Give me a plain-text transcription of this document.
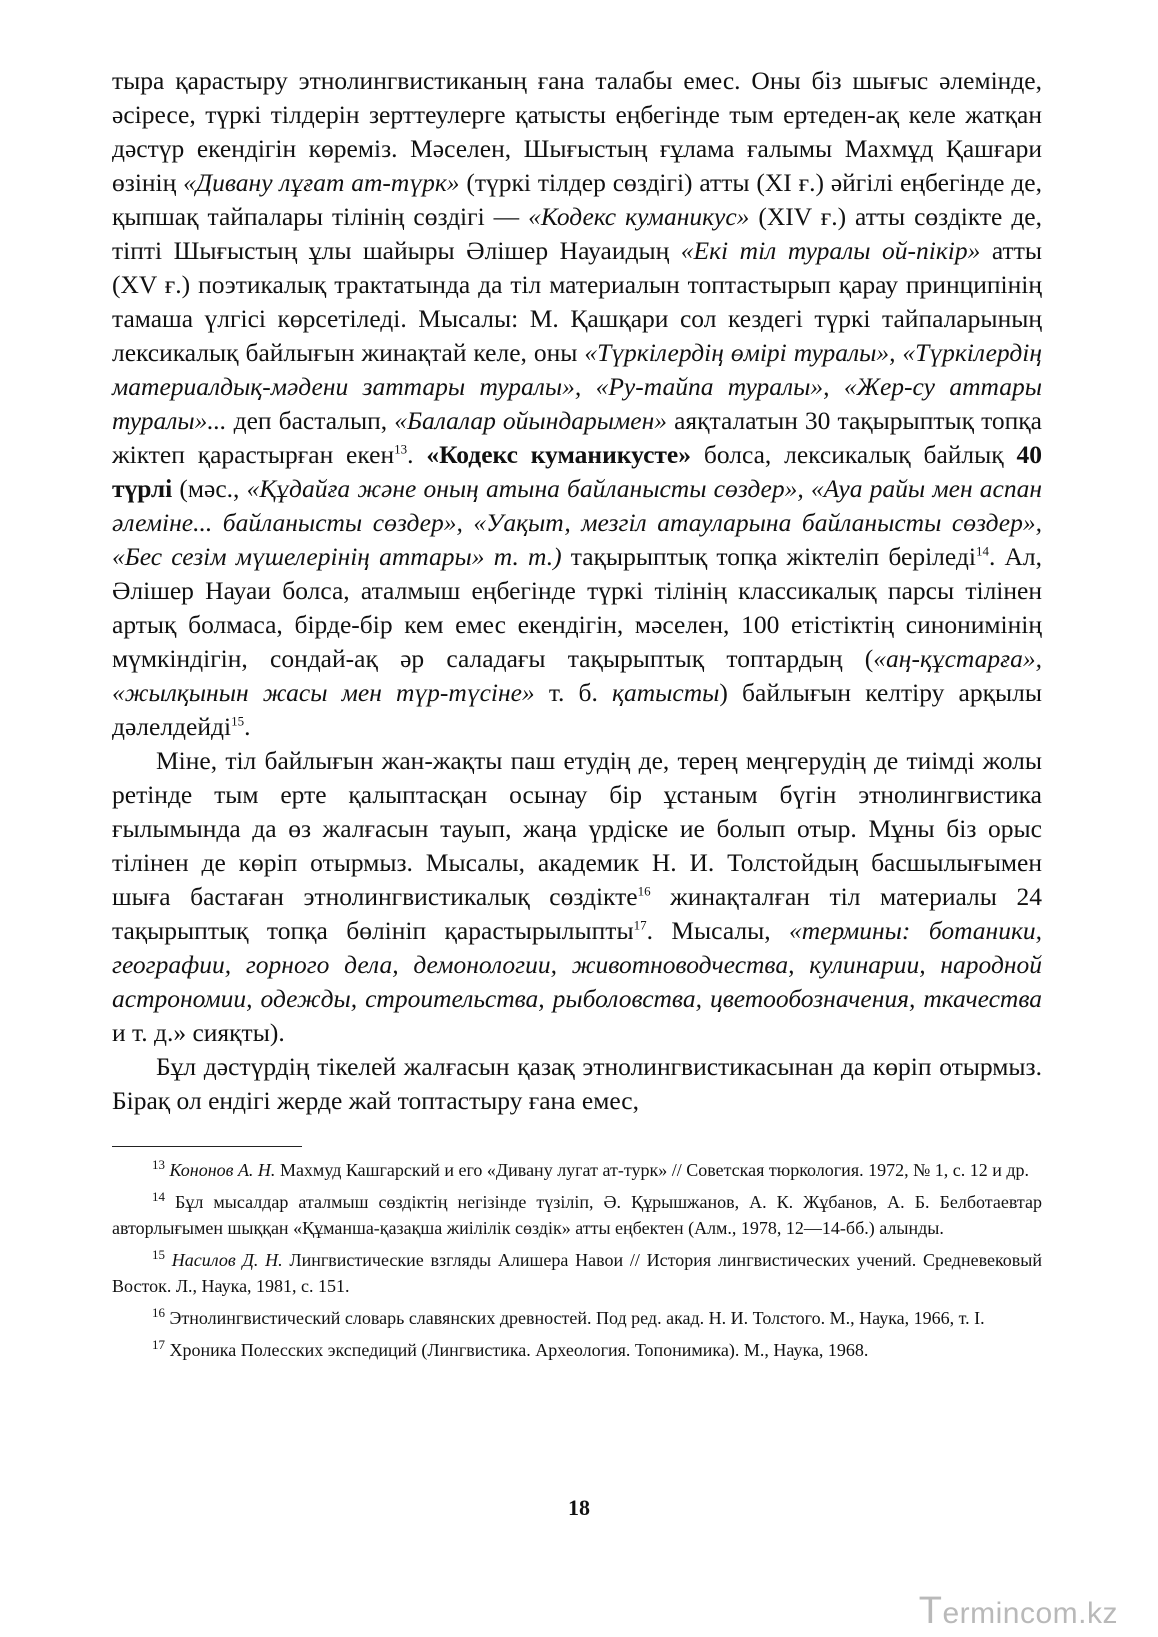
тыра қарастыру этнолингвистиканың ғана талабы емес. Оны біз шығыс әлемінде, әсіресе, түркі тілдерін зерттеулерге қатысты еңбегінде тым ертеден-ақ келе жатқан дәстүр екендігін көреміз. Мәселен, Шығыстың ғұлама ғалымы Махмұд Қашғари өзінің «Дивану лұғат ат-түрк» (түркі тілдер сөздігі) атты (XI ғ.) әйгілі еңбегінде де, қыпшақ тайпалары тілінің сөздігі — «Кодекс куманикус» (XIV ғ.) атты сөздікте де, тіпті Шығыстың ұлы шайыры Әлішер Науаидың «Екі тіл туралы ой-пікір» атты (XV ғ.) поэтикалық трактатында да тіл материалын топтастырып қарау принципінің тамаша үлгісі көрсетіледі. Мысалы: М. Қашқари сол кездегі түркі тайпаларының лексикалық байлығын жинақтай келе, оны «Түркілердің өмірі туралы», «Түркілердің материалдық-мәдени заттары туралы», «Ру-тайпа туралы», «Жер-су аттары туралы»... деп басталып, «Балалар ойындарымен» аяқталатын 30 тақырыптық топқа жіктеп қарастырған екен$^{13}$. «Кодекс куманикусте» болса, лексикалық байлық 40 түрлі (мәс., «Құдайға және оның атына байланысты сөздер», «Ауа райы мен аспан әлеміне... байланысты сөздер», «Уақыт, мезгіл атауларына байланысты сөздер», «Бес сезім мүшелерінің аттары» т. т.) тақырыптық топқа жіктеліп беріледі$^{14}$. Ал, Әлішер Науаи болса, аталмыш еңбегінде түркі тілінің классикалық парсы тілінен артық болмаса, бірде-бір кем емес екендігін, мәселен, 100 етістіктің синонимінің мүмкіндігін, сондай-ақ әр саладағы тақырыптық топтардың («аң-құстарға», «жылқынын жасы мен түр-түсіне» т. б. қатысты) байлығын келтіру арқылы дәлелдейді$^{15}$.

Міне, тіл байлығын жан-жақты паш етудің де, терең меңгерудің де тиімді жолы ретінде тым ерте қалыптасқан осынау бір ұстаным бүгін этнолингвистика ғылымында да өз жалғасын тауып, жаңа үрдіске ие болып отыр. Мұны біз орыс тілінен де көріп отырмыз. Мысалы, академик Н. И. Толстойдың басшылығымен шыға бастаған этнолингвистикалық сөздікте$^{16}$ жинақталған тіл материалы 24 тақырыптық топқа бөлініп қарастырылыпты$^{17}$. Мысалы, «термины: ботаники, географии, горного дела, демонологии, животноводчества, кулинарии, народной астрономии, одежды, строительства, рыболовства, цветообозначения, ткачества и т. д.» сияқты).

Бұл дәстүрдің тікелей жалғасын қазақ этнолингвистикасынан да көріп отырмыз. Бірақ ол ендігі жерде жай топтастыру ғана емес,

$^{13}$ Кононов А. Н. Махмуд Кашгарский и его «Дивану лугат ат-турк» // Советская тюркология. 1972, № 1, с. 12 и др.

$^{14}$ Бұл мысалдар аталмыш сөздіктің негізінде түзіліп, Ә. Құрышжанов, А. К. Жұбанов, А. Б. Белботаевтар авторлығымен шыққан «Құманша-қазақша жиілілік сөздік» атты еңбектен (Алм., 1978, 12—14-бб.) алынды.

$^{15}$ Насилов Д. Н. Лингвистические взгляды Алишера Навои // История лингвистических учений. Средневековый Восток. Л., Наука, 1981, с. 151.

$^{16}$ Этнолингвистический словарь славянских древностей. Под ред. акад. Н. И. Толстого. М., Наука, 1966, т. I.

$^{17}$ Хроника Полесских экспедиций (Лингвистика. Археология. Топонимика). М., Наука, 1968.

18
Termincom.kz
